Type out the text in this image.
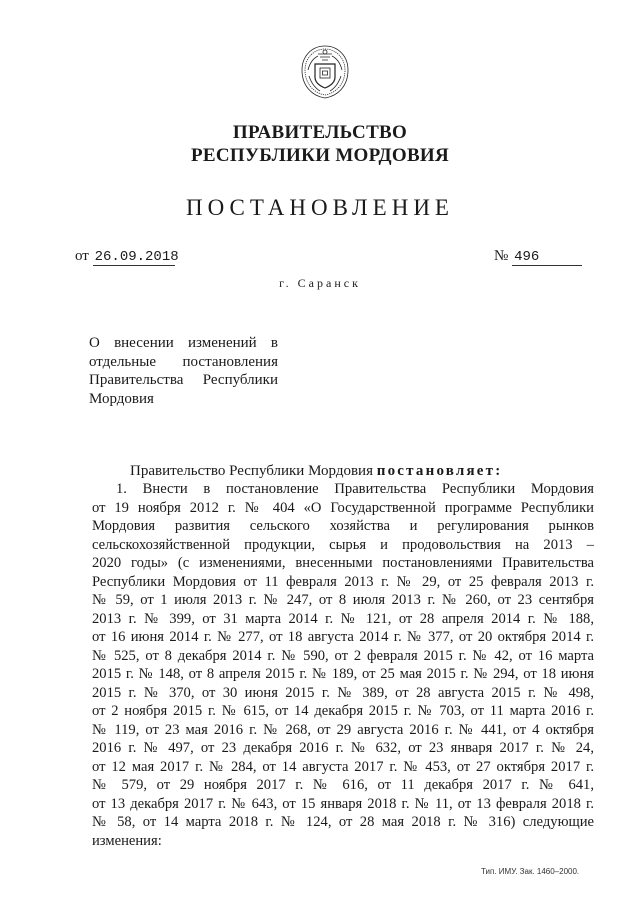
ПРАВИТЕЛЬСТВО
РЕСПУБЛИКИ МОРДОВИЯ
ПОСТАНОВЛЕНИЕ
от 26.09.2018	№ 496
г. Саранск
О внесении изменений в
отдельные постановления
Правительства Республики
Мордовия
Правительство Республики Мордовия постановляет:
1. Внести в постановление Правительства Республики Мордовия
от 19 ноября 2012 г. № 404 «О Государственной программе Республики
Мордовия развития сельского хозяйства и регулирования рынков
сельскохозяйственной продукции, сырья и продовольствия на 2013 –
2020 годы» (с изменениями, внесенными постановлениями Правительства
Республики Мордовия от 11 февраля 2013 г. № 29, от 25 февраля 2013 г.
№ 59, от 1 июля 2013 г. № 247, от 8 июля 2013 г. № 260, от 23 сентября
2013 г. № 399, от 31 марта 2014 г. № 121, от 28 апреля 2014 г. № 188,
от 16 июня 2014 г. № 277, от 18 августа 2014 г. № 377, от 20 октября 2014 г.
№ 525, от 8 декабря 2014 г. № 590, от 2 февраля 2015 г. № 42, от 16 марта
2015 г. № 148, от 8 апреля 2015 г. № 189, от 25 мая 2015 г. № 294, от 18 июня
2015 г. № 370, от 30 июня 2015 г. № 389, от 28 августа 2015 г. № 498,
от 2 ноября 2015 г. № 615, от 14 декабря 2015 г. № 703, от 11 марта 2016 г.
№ 119, от 23 мая 2016 г. № 268, от 29 августа 2016 г. № 441, от 4 октября
2016 г. № 497, от 23 декабря 2016 г. № 632, от 23 января 2017 г. № 24,
от 12 мая 2017 г. № 284, от 14 августа 2017 г. № 453, от 27 октября 2017 г.
№ 579, от 29 ноября 2017 г. № 616, от 11 декабря 2017 г. № 641,
от 13 декабря 2017 г. № 643, от 15 января 2018 г. № 11, от 13 февраля 2018 г.
№ 58, от 14 марта 2018 г. № 124, от 28 мая 2018 г. № 316) следующие
изменения:
Тип. ИМУ. Зак. 1460–2000.
